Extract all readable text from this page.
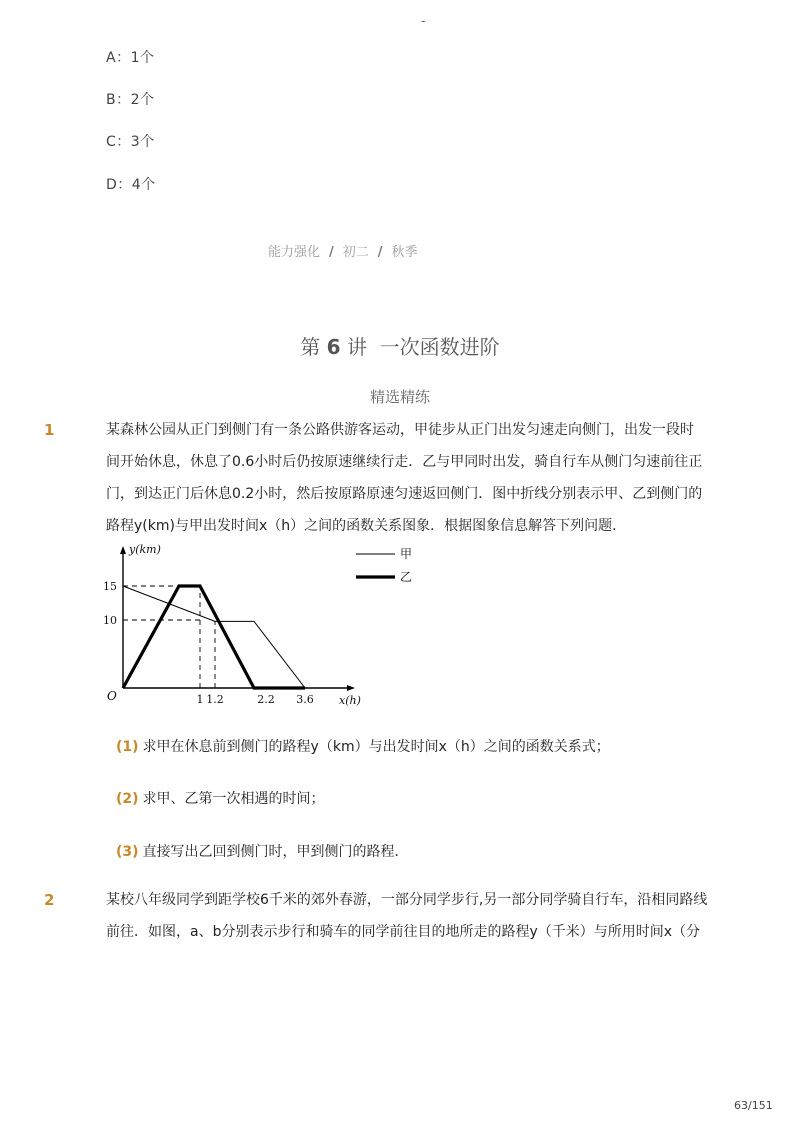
-
A：1个
B：2个
C：3个
D：4个
能力强化 / 初二 / 秋季
第 6 讲 一次函数进阶
精选精练
1	某森林公园从正门到侧门有一条公路供游客运动，甲徒步从正门出发匀速走向侧门，出发一段时
间开始休息，休息了0.6小时后仍按原速继续行走．乙与甲同时出发，骑自行车从侧门匀速前往正
门，到达正门后休息0.2小时，然后按原路原速匀速返回侧门．图中折线分别表示甲、乙到侧门的
路程y(km)与甲出发时间x（h）之间的函数关系图象．根据图象信息解答下列问题．
1 1.2	2.2 3.6
15
10
O	x(h)
y(km)	甲
乙
(1) 求甲在休息前到侧门的路程y（km）与出发时间x（h）之间的函数关系式；
(2) 求甲、乙第一次相遇的时间；
(3) 直接写出乙回到侧门时，甲到侧门的路程．
2	某校八年级同学到距学校6千米的郊外春游，一部分同学步行,另一部分同学骑自行车，沿相同路线
前往．如图，a、b分别表示步行和骑车的同学前往目的地所走的路程y（千米）与所用时间x（分
63/151
